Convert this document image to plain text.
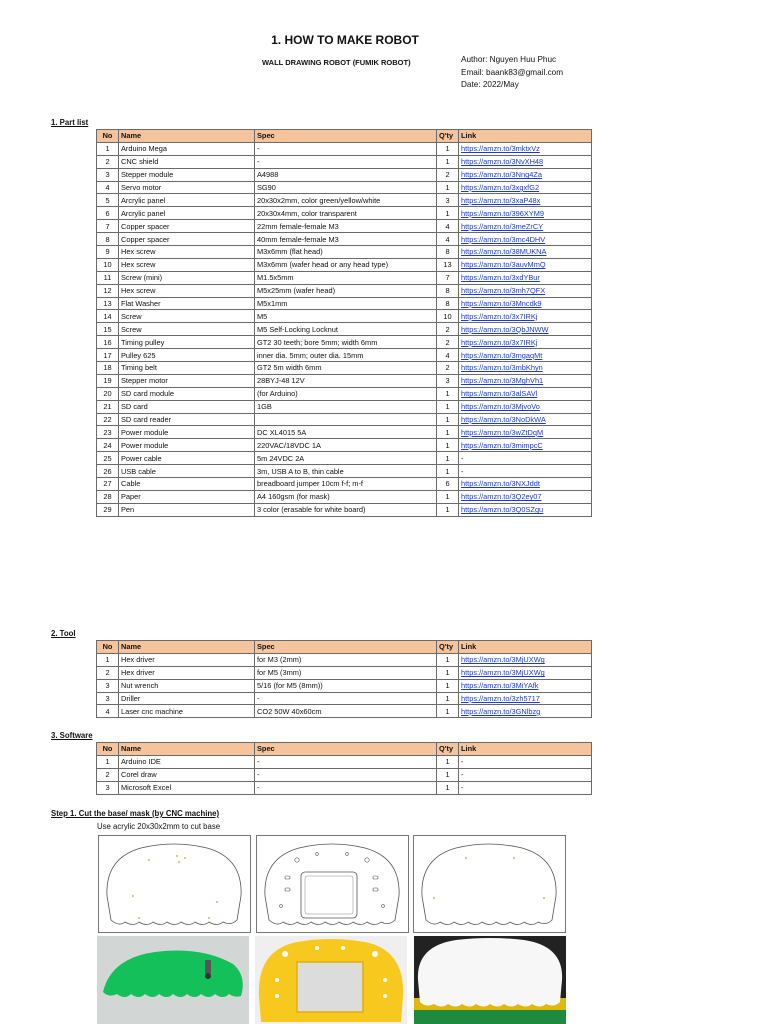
1. HOW TO MAKE ROBOT
WALL DRAWING ROBOT (FUMIK ROBOT)	Author: Nguyen Huu Phuc
Email: baank83@gmail.com
Date: 2022/May
1. Part list
No	Name	Spec	Q'ty	Link
1	Arduino Mega	-	1	https://amzn.to/3mktxVz
2	CNC shield	-	1	https://amzn.to/3NvXH48
3	Stepper module	A4988	2	https://amzn.to/3Nng4Za
4	Servo motor	SG90	1	https://amzn.to/3xgxfG2
5	Arcrylic panel	20x30x2mm, color green/yellow/white	3	https://amzn.to/3xaP48x
6	Arcrylic panel	20x30x4mm, color transparent	1	https://amzn.to/396XYM9
7	Copper spacer	22mm female-female M3	4	https://amzn.to/3meZrCY
8	Copper spacer	40mm female-female M3	4	https://amzn.to/3mc4DHV
9	Hex screw	M3x6mm (flat head)	8	https://amzn.to/38MUKNA
10	Hex screw	M3x6mm (wafer head or any head type)	13	https://amzn.to/3auvMmQ
11	Screw (mini)	M1.5x5mm	7	https://amzn.to/3xdYBur
12	Hex screw	M5x25mm (wafer head)	8	https://amzn.to/3mh7QFX
13	Flat Washer	M5x1mm	8	https://amzn.to/3Mncdk9
14	Screw	M5	10	https://amzn.to/3x7IRKj
15	Screw	M5 Self-Locking Locknut	2	https://amzn.to/3QbJNWW
16	Timing pulley	GT2 30 teeth; bore 5mm; width 6mm	2	https://amzn.to/3x7IRKj
17	Pulley 625	inner dia. 5mm; outer dia. 15mm	4	https://amzn.to/3mgaqMt
18	Timing belt	GT2 5m width 6mm	2	https://amzn.to/3mbKhyn
19	Stepper motor	28BYJ-48 12V	3	https://amzn.to/3MghVh1
20	SD card module	(for Arduino)	1	https://amzn.to/3alSAVl
21	SD card	1GB	1	https://amzn.to/3MjvoVo
22	SD card reader		1	https://amzn.to/3NoDkWA
23	Power module	DC XL4015 5A	1	https://amzn.to/3wZtDqM
24	Power module	220VAC/18VDC 1A	1	https://amzn.to/3mimpcC
25	Power cable	5m 24VDC 2A	1	-
26	USB cable	3m, USB A to B, thin cable	1	-
27	Cable	breadboard jumper 10cm f-f; m-f	6	https://amzn.to/3NXJddt
28	Paper	A4 160gsm (for mask)	1	https://amzn.to/3Q2ey07
29	Pen	3 color (erasable for white board)	1	https://amzn.to/3Q0SZgu
2. Tool
No	Name	Spec	Q'ty	Link
1	Hex driver	for M3 (2mm)	1	https://amzn.to/3MjUXWg
2	Hex driver	for M5 (3mm)	1	https://amzn.to/3MjUXWg
3	Nut wrench	5/16 (for M5 (8mm))	1	https://amzn.to/3MiYAfk
3	Driller	-	1	https://amzn.to/3zh5717
4	Laser cnc machine	CO2 50W 40x60cm	1	https://amzn.to/3GNlbzg
3. Software
No	Name	Spec	Q'ty	Link
1	Arduino IDE	-	1	-
2	Corel draw	-	1	-
3	Microsoft Excel	-	1	-
Step 1. Cut the base/ mask (by CNC machine)
Use acrylic 20x30x2mm to cut base
